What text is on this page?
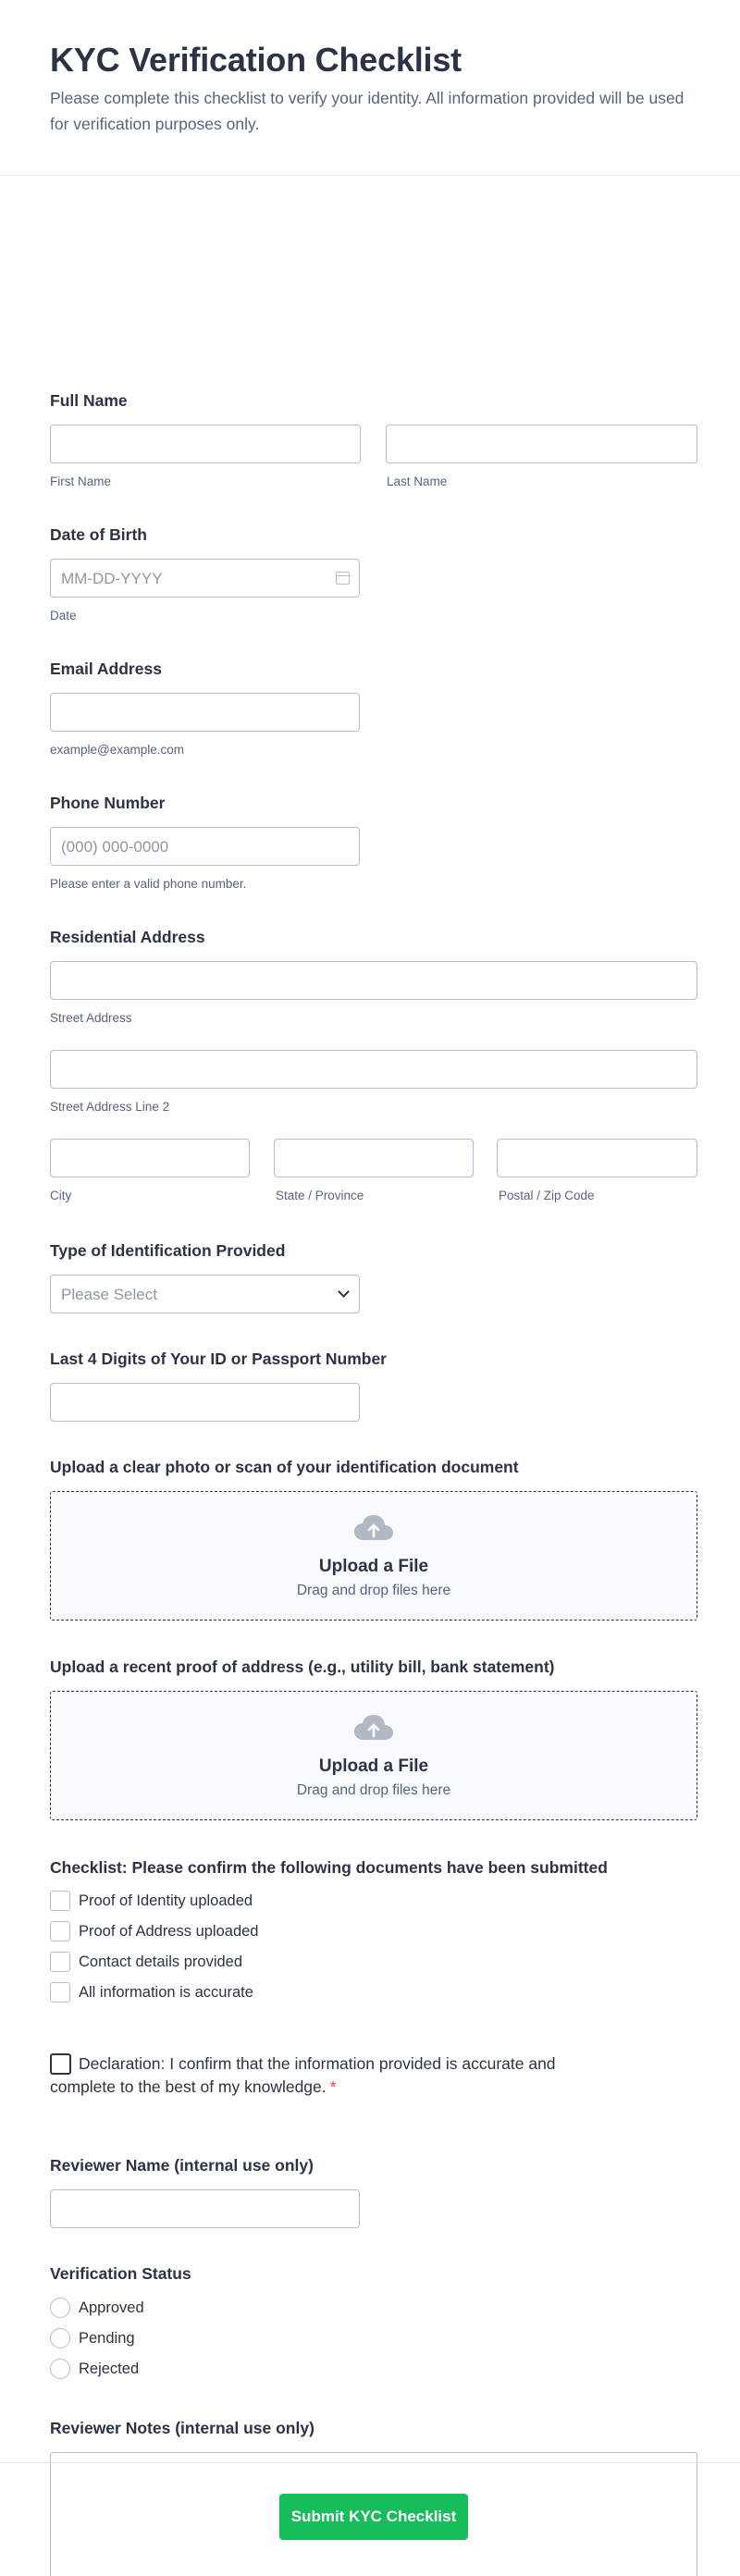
KYC Verification Checklist

Please complete this checklist to verify your identity. All information provided will be used for verification purposes only.

Full Name
First Name	Last Name
Date of Birth
MM-DD-YYYY
Date
Email Address
example@example.com
Phone Number
(000) 000-0000
Please enter a valid phone number.
Residential Address
Street Address
Street Address Line 2
City	State / Province	Postal / Zip Code
Type of Identification Provided
Please Select
Last 4 Digits of Your ID or Passport Number
Upload a clear photo or scan of your identification document
Upload a File
Drag and drop files here
Upload a recent proof of address (e.g., utility bill, bank statement)
Upload a File
Drag and drop files here
Checklist: Please confirm the following documents have been submitted
Proof of Identity uploaded
Proof of Address uploaded
Contact details provided
All information is accurate
Declaration: I confirm that the information provided is accurate and complete to the best of my knowledge. *
Reviewer Name (internal use only)
Verification Status
Approved
Pending
Rejected
Reviewer Notes (internal use only)
Submit KYC Checklist
